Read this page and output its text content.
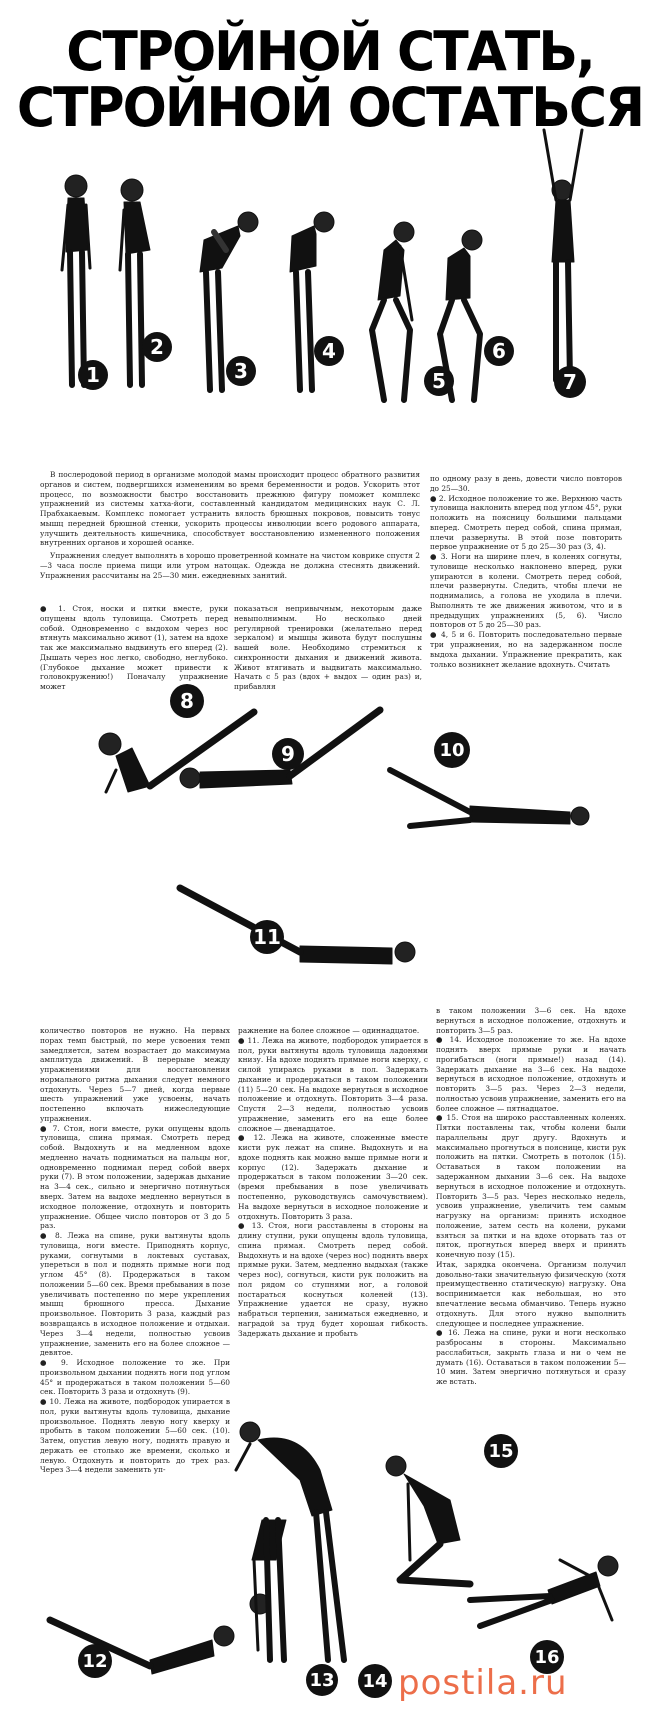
СТРОЙНОЙ СТАТЬ,
СТРОЙНОЙ ОСТАТЬСЯ
1
2
3
4
5
6
7
8
9	10
11
12
13 14
15
16

В послеродовой период в организме молодой мамы происходит процесс обратного развития органов и систем, подвергшихся изменениям во время беременности и родов. Ускорить этот процесс, по возможности быстро восстановить прежнюю фигуру поможет комплекс упражнений из системы хатха-йоги, составленный кандидатом медицинских наук С. Л. Прабхакаевым. Комплекс помогает устранить вялость брюшных покровов, повысить тонус мышц передней брюшной стенки, ускорить процессы инволюции всего родового аппарата, улучшить деятельность кишечника, способствует восстановлению измененного положения внутренних органов и хорошей осанке.

Упражнения следует выполнять в хорошо проветренной комнате на чистом коврике спустя 2—3 часа после приема пищи или утром натощак. Одежда не должна стеснять движений. Упражнения рассчитаны на 25—30 мин. ежедневных занятий.

● 1. Стоя, носки и пятки вместе, руки опущены вдоль туловища. Смотреть перед собой. Одновременно с выдохом через нос втянуть максимально живот (1), затем на вдохе так же максимально выдвинуть его вперед (2). Дышать через нос легко, свободно, неглубоко. (Глубокое дыхание может привести к головокружению!) Поначалу упражнение может
показаться непривычным, некоторым даже невыполнимым. Но несколько дней регулярной тренировки (желательно перед зеркалом) и мышцы живота будут послушны вашей воле. Необходимо стремиться к синхронности дыхания и движений живота. Живот втягивать и выдвигать максимально. Начать с 5 раз (вдох + выдох — один раз) и, прибавляя
по одному разу в день, довести число повторов до 25—30.
● 2. Исходное положение то же. Верхнюю часть туловища наклонить вперед под углом 45°, руки положить на поясницу большими пальцами вперед. Смотреть перед собой, спина прямая, плечи развернуты. В этой позе повторить первое упражнение от 5 до 25—30 раз (3, 4).
● 3. Ноги на ширине плеч, в коленях согнуты, туловище несколько наклонено вперед, руки упираются в колени. Смотреть перед собой, плечи развернуты. Следить, чтобы плечи не поднимались, а голова не уходила в плечи. Выполнять те же движения животом, что и в предыдущих упражнениях (5, 6). Число повторов от 5 до 25—30 раз.
● 4, 5 и 6. Повторить последовательно первые три упражнения, но на задержанном после выдоха дыхании. Упражнение прекратить, как только возникнет желание вдохнуть. Считать
количество повторов не нужно. На первых порах темп быстрый, по мере усвоения темп замедляется, затем возрастает до максимума амплитуда движений. В перерыве между упражнениями для восстановления нормального ритма дыхания следует немного отдохнуть. Через 5—7 дней, когда первые шесть упражнений уже усвоены, начать постепенно включать нижеследующие упражнения.
● 7. Стоя, ноги вместе, руки опущены вдоль туловища, спина прямая. Смотреть перед собой. Выдохнуть и на медленном вдохе медленно начать подниматься на пальцы ног, одновременно поднимая перед собой вверх руки (7). В этом положении, задержав дыхание на 3—4 сек., сильно и энергично потянуться вверх. Затем на выдохе медленно вернуться в исходное положение, отдохнуть и повторить упражнение. Общее число повторов от 3 до 5 раз.
● 8. Лежа на спине, руки вытянуты вдоль туловища, ноги вместе. Приподнять корпус, руками, согнутыми в локтевых суставах, упереться в пол и поднять прямые ноги под углом 45° (8). Продержаться в таком положении 5—60 сек. Время пребывания в позе увеличивать постепенно по мере укрепления мышц брюшного пресса. Дыхание произвольное. Повторить 3 раза, каждый раз возвращаясь в исходное положение и отдыхая. Через 3—4 недели, полностью усвоив упражнение, заменить его на более сложное — девятое.
● 9. Исходное положение то же. При произвольном дыхании поднять ноги под углом 45° и продержаться в таком положении 5—60 сек. Повторить 3 раза и отдохнуть (9).
● 10. Лежа на животе, подбородок упирается в пол, руки вытянуты вдоль туловища, дыхание произвольное. Поднять левую ногу кверху и пробыть в таком положении 5—60 сек. (10). Затем, опустив левую ногу, поднять правую и держать ее столько же времени, сколько и левую. Отдохнуть и повторить до трех раз. Через 3—4 недели заменить уп-
ражнение на более сложное — одиннадцатое.
● 11. Лежа на животе, подбородок упирается в пол, руки вытянуты вдоль туловища ладонями книзу. На вдохе поднять прямые ноги кверху, с силой упираясь руками в пол. Задержать дыхание и продержаться в таком положении (11) 5—20 сек. На выдохе вернуться в исходное положение и отдохнуть. Повторить 3—4 раза. Спустя 2—3 недели, полностью усвоив упражнение, заменить его на еще более сложное — двенадцатое.
● 12. Лежа на животе, сложенные вместе кисти рук лежат на спине. Выдохнуть и на вдохе поднять как можно выше прямые ноги и корпус (12). Задержать дыхание и продержаться в таком положении 3—20 сек. (время пребывания в позе увеличивать постепенно, руководствуясь самочувствием). На выдохе вернуться в исходное положение и отдохнуть. Повторить 3 раза.
● 13. Стоя, ноги расставлены в стороны на длину ступни, руки опущены вдоль туловища, спина прямая. Смотреть перед собой. Выдохнуть и на вдохе (через нос) поднять вверх прямые руки. Затем, медленно выдыхая (также через нос), согнуться, кисти рук положить на пол рядом со ступнями ног, а головой постараться коснуться коленей (13). Упражнение удается не сразу, нужно набраться терпения, заниматься ежедневно, и наградой за труд будет хорошая гибкость. Задержать дыхание и пробыть
в таком положении 3—6 сек. На вдохе вернуться в исходное положение, отдохнуть и повторить 3—5 раз.
● 14. Исходное положение то же. На вдохе поднять вверх прямые руки и начать прогибаться (ноги прямые!) назад (14). Задержать дыхание на 3—6 сек. На выдохе вернуться в исходное положение, отдохнуть и повторить 3—5 раз. Через 2—3 недели, полностью усвоив упражнение, заменить его на более сложное — пятнадцатое.
● 15. Стоя на широко расставленных коленях. Пятки поставлены так, чтобы колени были параллельны друг другу. Вдохнуть и максимально прогнуться в пояснице, кисти рук положить на пятки. Смотреть в потолок (15). Оставаться в таком положении на задержанном дыхании 3—6 сек. На выдохе вернуться в исходное положение и отдохнуть. Повторить 3—5 раз. Через несколько недель, усвоив упражнение, увеличить тем самым нагрузку на организм: принять исходное положение, затем сесть на колени, руками взяться за пятки и на вдохе оторвать таз от пяток, прогнуться вперед вверх и принять конечную позу (15).
Итак, зарядка окончена. Организм получил довольно-таки значительную физическую (хотя преимущественно статическую) нагрузку. Она воспринимается как небольшая, но это впечатление весьма обманчиво. Теперь нужно отдохнуть. Для этого нужно выполнить следующее и последнее упражнение.
● 16. Лежа на спине, руки и ноги несколько разбросаны в стороны. Максимально расслабиться, закрыть глаза и ни о чем не думать (16). Оставаться в таком положении 5—10 мин. Затем энергично потянуться и сразу же встать.
postila.ru
